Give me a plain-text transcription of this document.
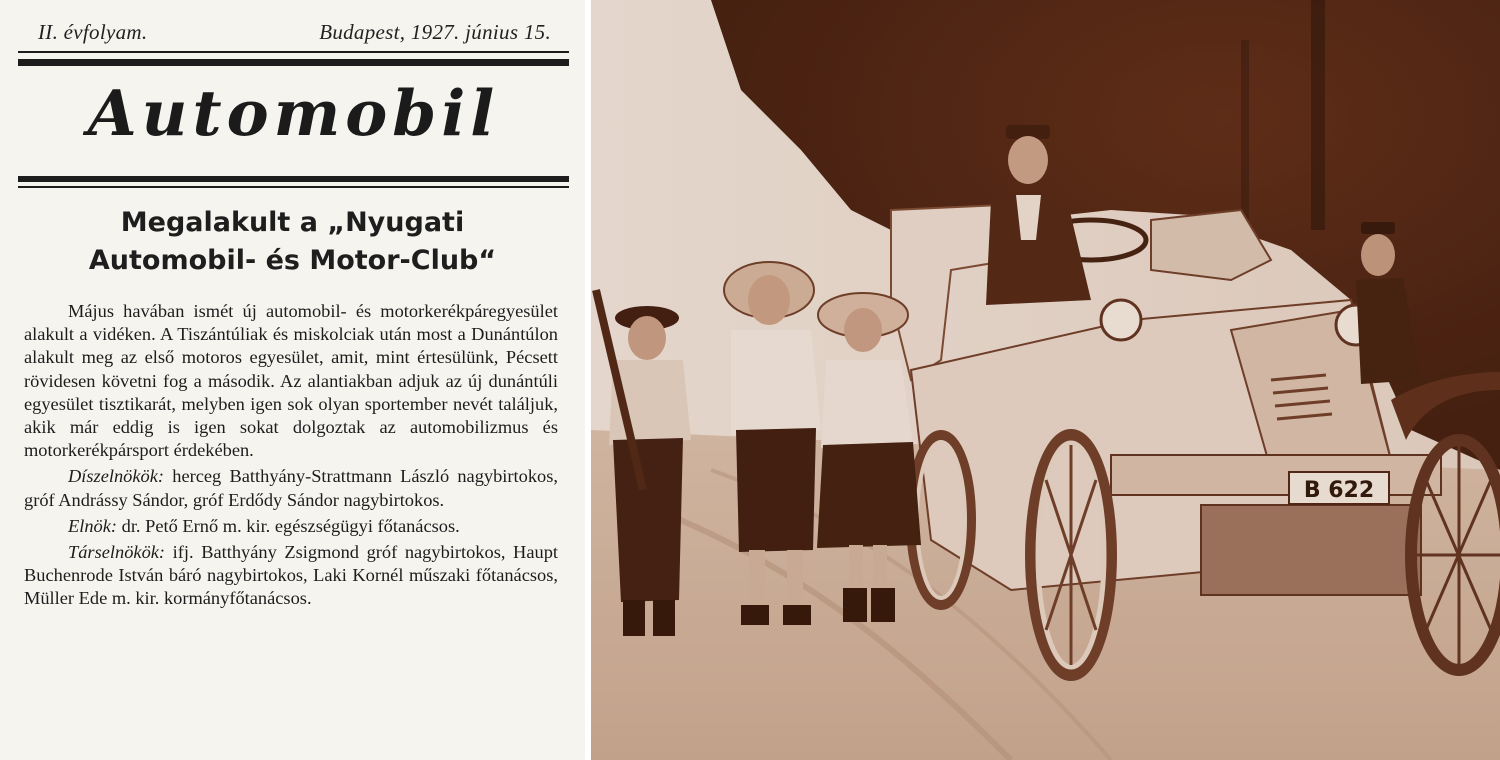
II. évfolyam.	Budapest, 1927. június 15.
Automobil
Megalakult a „Nyugati
Automobil- és Motor-Club“

Május havában ismét új automobil- és motorkerékpáregyesület alakult a vidéken. A Tiszántúliak és miskolciak után most a Dunántúlon alakult meg az első motoros egyesület, amit, mint értesülünk, Pécsett rövidesen követni fog a második. Az alantiakban adjuk az új dunántúli egyesület tisztikarát, melyben igen sok olyan sportember nevét találjuk, akik már eddig is igen sokat dolgoztak az automobilizmus és motorkerékpársport érdekében.

Díszelnökök: herceg Batthyány-Strattmann László nagybirtokos, gróf Andrássy Sándor, gróf Erdődy Sándor nagybirtokos.

Elnök: dr. Pető Ernő m. kir. egészségügyi főtanácsos.

Társelnökök: ifj. Batthyány Zsigmond gróf nagybirtokos, Haupt Buchenrode István báró nagybirtokos, Laki Kornél műszaki főtanácsos, Müller Ede m. kir. kormányfőtanácsos.

B 622
